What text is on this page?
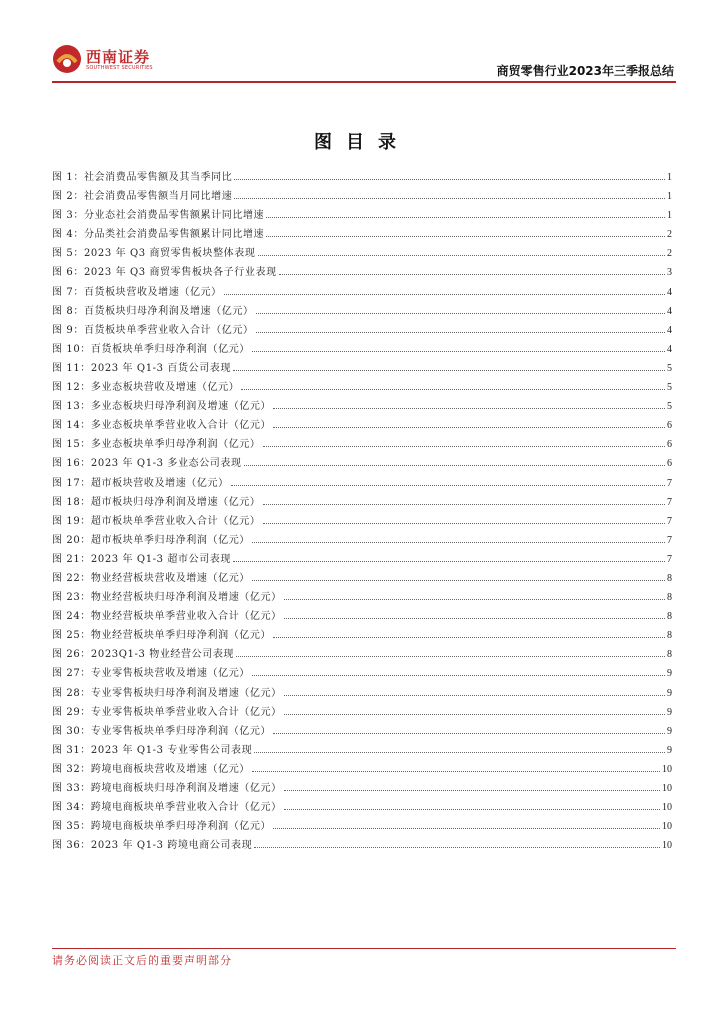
西南证券
SOUTHWEST SECURITIES	商贸零售行业2023年三季报总结
图目录
图 1：社会消费品零售额及其当季同比	1
图 2：社会消费品零售额当月同比增速	1
图 3：分业态社会消费品零售额累计同比增速	1
图 4：分品类社会消费品零售额累计同比增速	2
图 5：2023 年 Q3 商贸零售板块整体表现	2
图 6：2023 年 Q3 商贸零售板块各子行业表现	3
图 7：百货板块营收及增速（亿元）	4
图 8：百货板块归母净利润及增速（亿元）	4
图 9：百货板块单季营业收入合计（亿元）	4
图 10：百货板块单季归母净利润（亿元）	4
图 11：2023 年 Q1-3 百货公司表现	5
图 12：多业态板块营收及增速（亿元）	5
图 13：多业态板块归母净利润及增速（亿元）	5
图 14：多业态板块单季营业收入合计（亿元）	6
图 15：多业态板块单季归母净利润（亿元）	6
图 16：2023 年 Q1-3 多业态公司表现	6
图 17：超市板块营收及增速（亿元）	7
图 18：超市板块归母净利润及增速（亿元）	7
图 19：超市板块单季营业收入合计（亿元）	7
图 20：超市板块单季归母净利润（亿元）	7
图 21：2023 年 Q1-3 超市公司表现	7
图 22：物业经营板块营收及增速（亿元）	8
图 23：物业经营板块归母净利润及增速（亿元）	8
图 24：物业经营板块单季营业收入合计（亿元）	8
图 25：物业经营板块单季归母净利润（亿元）	8
图 26：2023Q1-3 物业经营公司表现	8
图 27：专业零售板块营收及增速（亿元）	9
图 28：专业零售板块归母净利润及增速（亿元）	9
图 29：专业零售板块单季营业收入合计（亿元）	9
图 30：专业零售板块单季归母净利润（亿元）	9
图 31：2023 年 Q1-3 专业零售公司表现	9
图 32：跨境电商板块营收及增速（亿元）	10
图 33：跨境电商板块归母净利润及增速（亿元）	10
图 34：跨境电商板块单季营业收入合计（亿元）	10
图 35：跨境电商板块单季归母净利润（亿元）	10
图 36：2023 年 Q1-3 跨境电商公司表现	10
请务必阅读正文后的重要声明部分
